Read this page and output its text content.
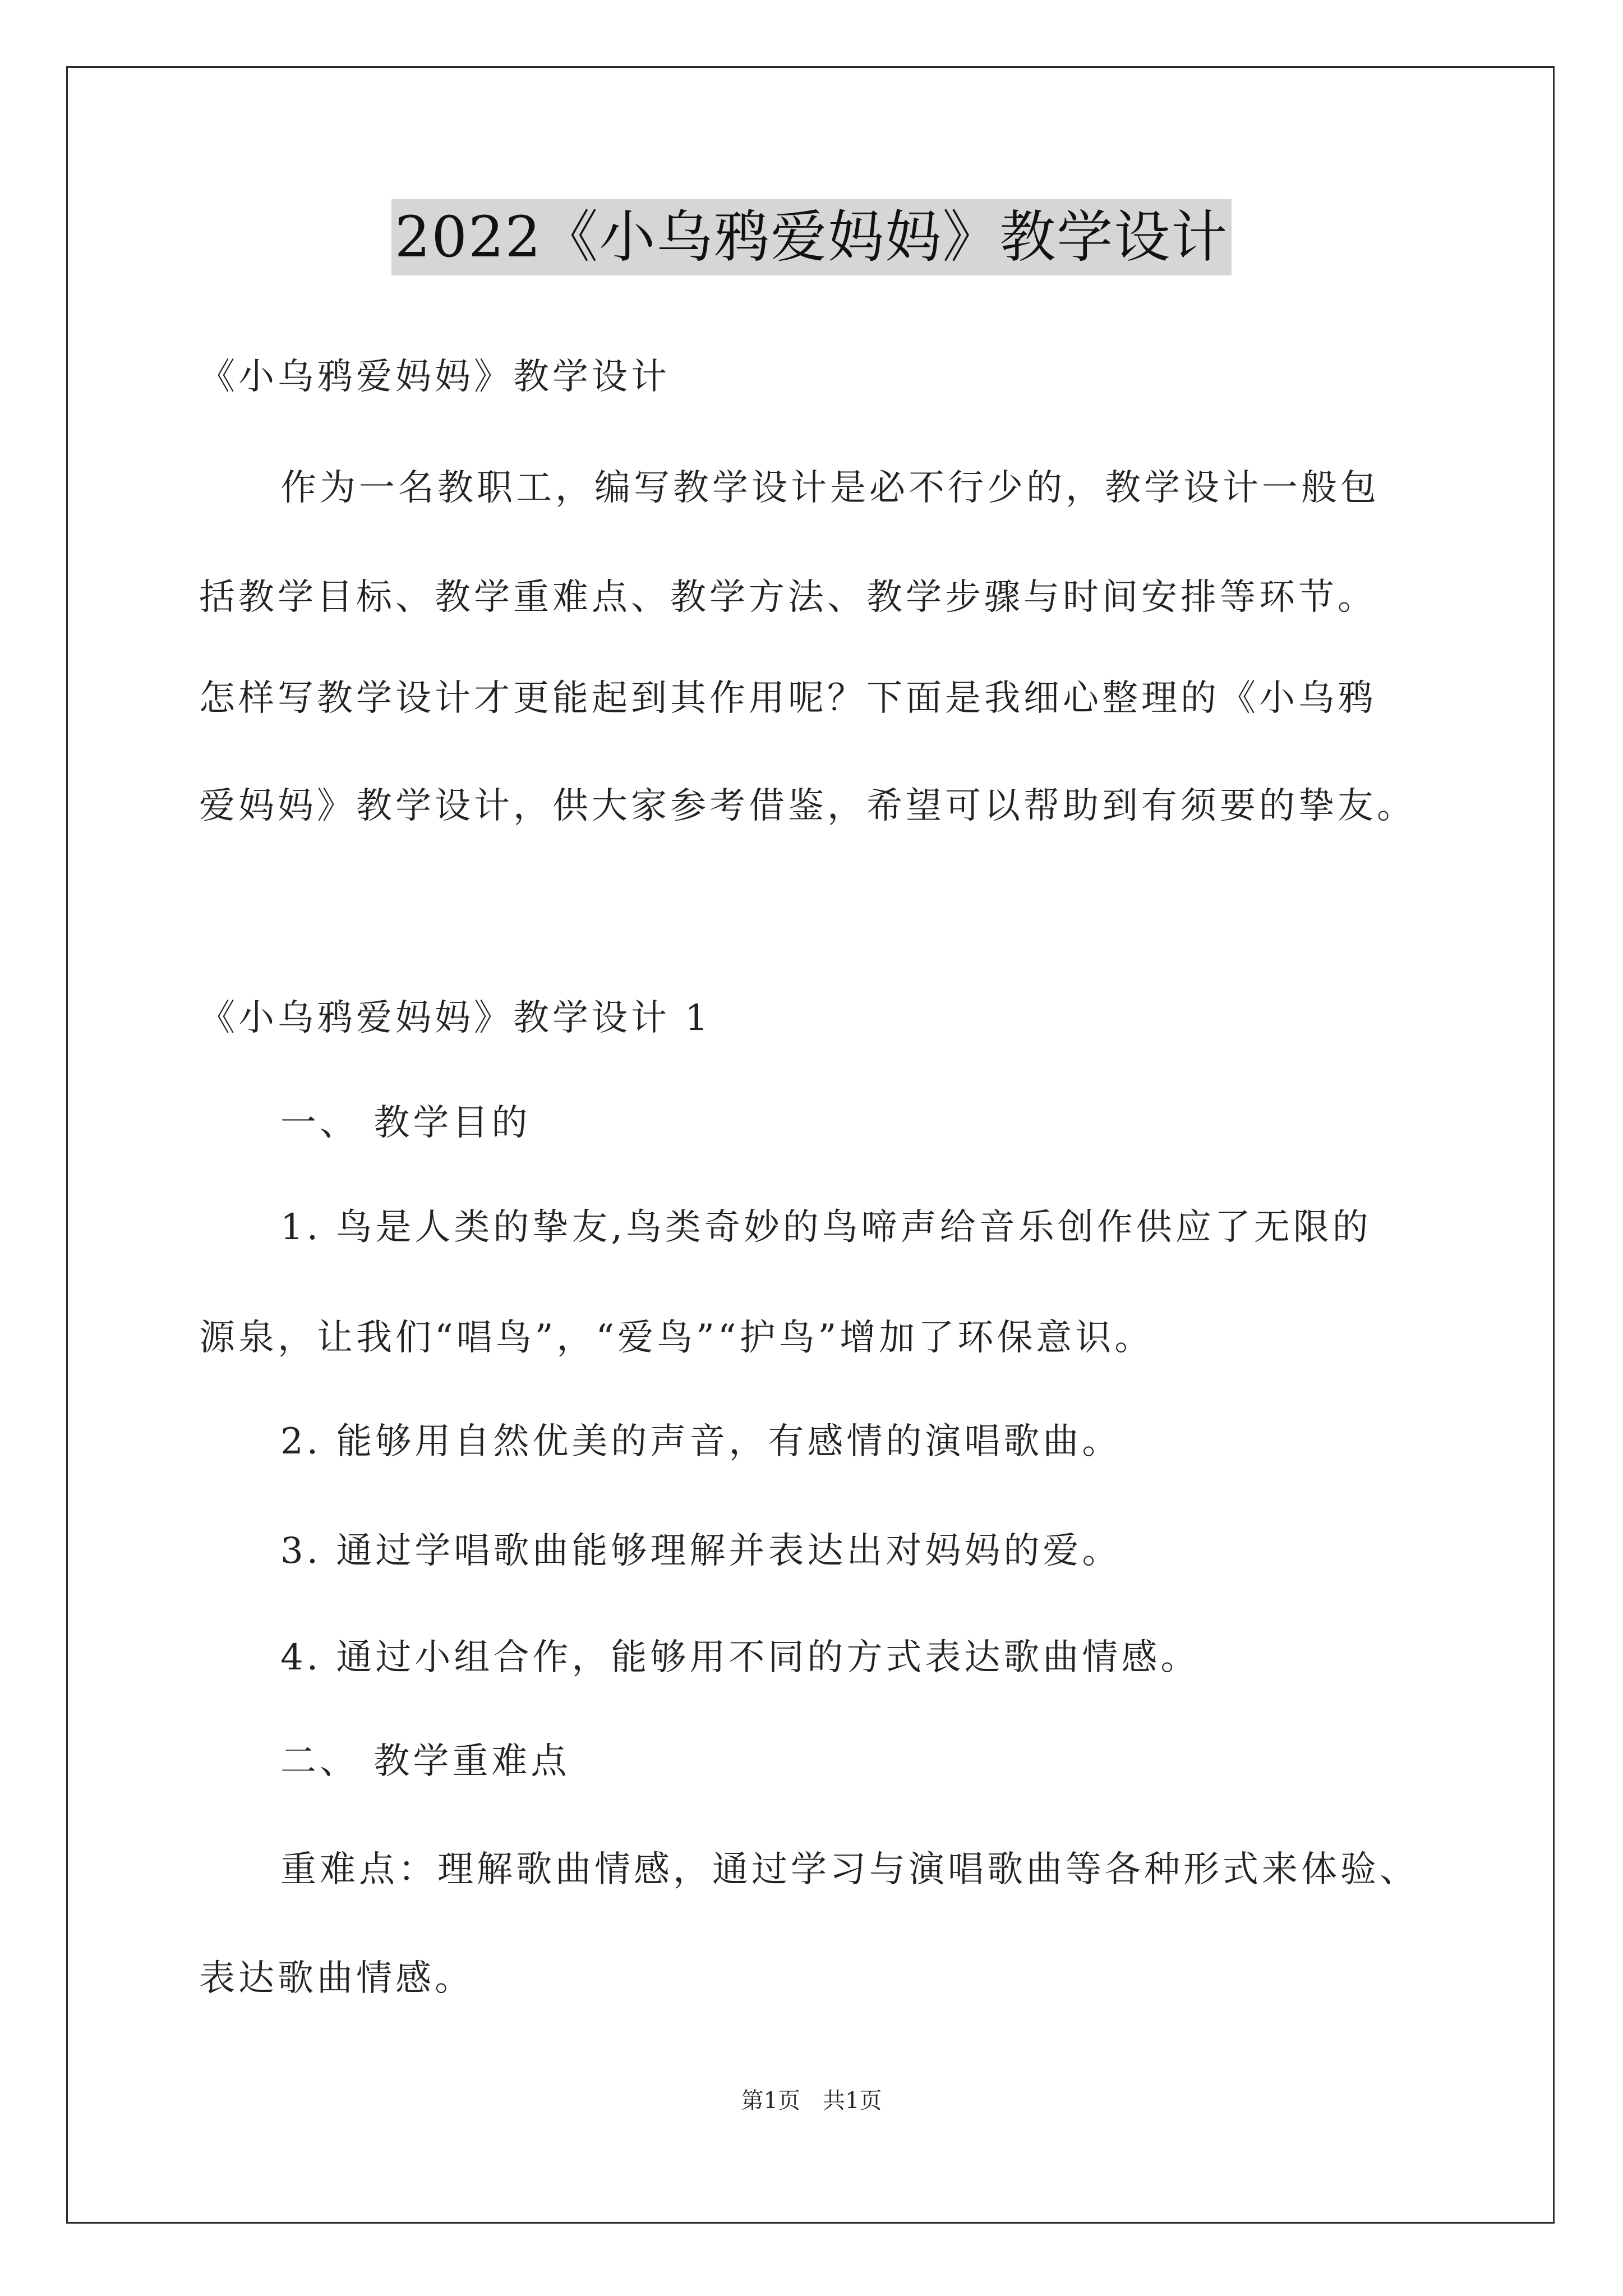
2022《小乌鸦爱妈妈》教学设计
《小乌鸦爱妈妈》教学设计
作为一名教职工，编写教学设计是必不行少的，教学设计一般包
括教学目标、教学重难点、教学方法、教学步骤与时间安排等环节。
怎样写教学设计才更能起到其作用呢？下面是我细心整理的《小乌鸦
爱妈妈》教学设计，供大家参考借鉴，希望可以帮助到有须要的挚友。
《小乌鸦爱妈妈》教学设计 1
一、 教学目的
1. 鸟是人类的挚友,鸟类奇妙的鸟啼声给音乐创作供应了无限的
源泉，让我们“唱鸟”，“爱鸟”“护鸟”增加了环保意识。
2. 能够用自然优美的声音，有感情的演唱歌曲。
3. 通过学唱歌曲能够理解并表达出对妈妈的爱。
4. 通过小组合作，能够用不同的方式表达歌曲情感。
二、 教学重难点
重难点：理解歌曲情感，通过学习与演唱歌曲等各种形式来体验、
表达歌曲情感。
第1页　共1页
